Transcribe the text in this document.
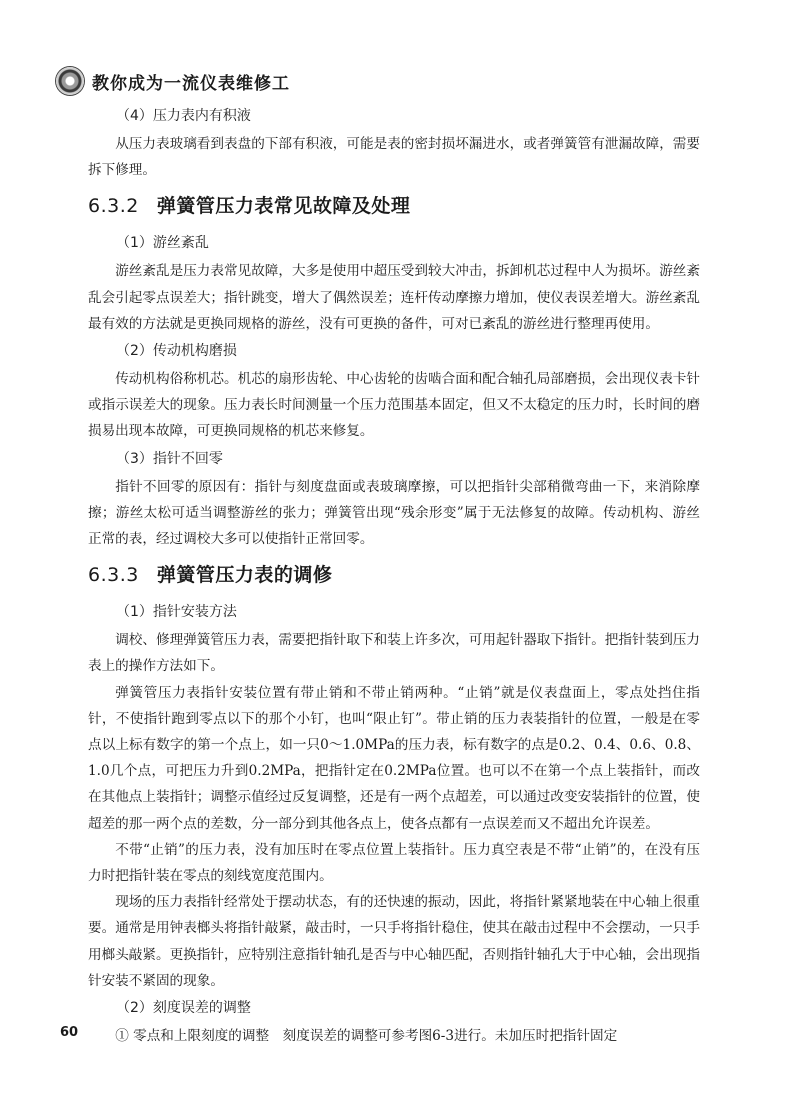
教你成为一流仪表维修工

（4）压力表内有积液

从压力表玻璃看到表盘的下部有积液，可能是表的密封损坏漏进水，或者弹簧管有泄漏故障，需要拆下修理。

6.3.2 弹簧管压力表常见故障及处理

（1）游丝紊乱

游丝紊乱是压力表常见故障，大多是使用中超压受到较大冲击，拆卸机芯过程中人为损坏。游丝紊乱会引起零点误差大；指针跳变，增大了偶然误差；连杆传动摩擦力增加，使仪表误差增大。游丝紊乱最有效的方法就是更换同规格的游丝，没有可更换的备件，可对已紊乱的游丝进行整理再使用。

（2）传动机构磨损

传动机构俗称机芯。机芯的扇形齿轮、中心齿轮的齿啮合面和配合轴孔局部磨损，会出现仪表卡针或指示误差大的现象。压力表长时间测量一个压力范围基本固定，但又不太稳定的压力时，长时间的磨损易出现本故障，可更换同规格的机芯来修复。

（3）指针不回零

指针不回零的原因有：指针与刻度盘面或表玻璃摩擦，可以把指针尖部稍微弯曲一下，来消除摩擦；游丝太松可适当调整游丝的张力；弹簧管出现“残余形变”属于无法修复的故障。传动机构、游丝正常的表，经过调校大多可以使指针正常回零。

6.3.3 弹簧管压力表的调修

（1）指针安装方法

调校、修理弹簧管压力表，需要把指针取下和装上许多次，可用起针器取下指针。把指针装到压力表上的操作方法如下。

弹簧管压力表指针安装位置有带止销和不带止销两种。“止销”就是仪表盘面上，零点处挡住指针，不使指针跑到零点以下的那个小钉，也叫“限止钉”。带止销的压力表装指针的位置，一般是在零点以上标有数字的第一个点上，如一只0～1.0MPa的压力表，标有数字的点是0.2、0.4、0.6、0.8、1.0几个点，可把压力升到0.2MPa，把指针定在0.2MPa位置。也可以不在第一个点上装指针，而改在其他点上装指针；调整示值经过反复调整，还是有一两个点超差，可以通过改变安装指针的位置，使超差的那一两个点的差数，分一部分到其他各点上，使各点都有一点误差而又不超出允许误差。

不带“止销”的压力表，没有加压时在零点位置上装指针。压力真空表是不带“止销”的，在没有压力时把指针装在零点的刻线宽度范围内。

现场的压力表指针经常处于摆动状态，有的还快速的振动，因此，将指针紧紧地装在中心轴上很重要。通常是用钟表榔头将指针敲紧，敲击时，一只手将指针稳住，使其在敲击过程中不会摆动，一只手用榔头敲紧。更换指针，应特别注意指针轴孔是否与中心轴匹配，否则指针轴孔大于中心轴，会出现指针安装不紧固的现象。

（2）刻度误差的调整

① 零点和上限刻度的调整　刻度误差的调整可参考图6-3进行。未加压时把指针固定

60
